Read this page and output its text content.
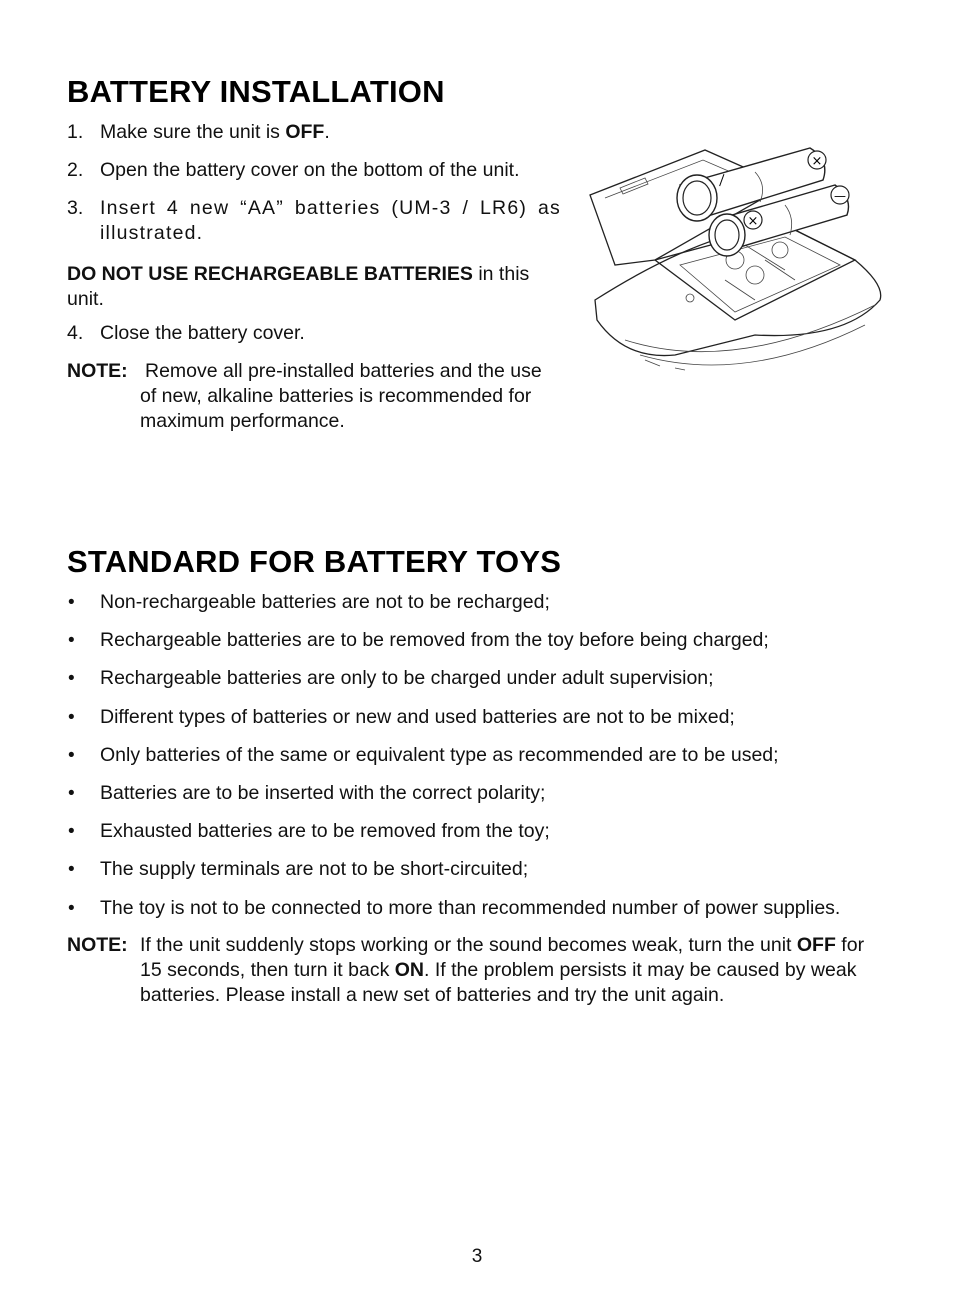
BATTERY INSTALLATION
1. Make sure the unit is OFF.
2. Open the battery cover on the bottom of the unit.
3. Insert 4 new “AA” batteries (UM-3 / LR6) as illustrated.
DO NOT USE RECHARGEABLE BATTERIES in this unit.
4. Close the battery cover.
NOTE: Remove all pre-installed batteries and the use of new, alkaline batteries is recommended for maximum performance.
×
—
×
—
STANDARD FOR BATTERY TOYS
• Non-rechargeable batteries are not to be recharged;
• Rechargeable batteries are to be removed from the toy before being charged;
• Rechargeable batteries are only to be charged under adult supervision;
• Different types of batteries or new and used batteries are not to be mixed;
• Only batteries of the same or equivalent type as recommended are to be used;
• Batteries are to be inserted with the correct polarity;
• Exhausted batteries are to be removed from the toy;
• The supply terminals are not to be short-circuited;
• The toy is not to be connected to more than recommended number of power supplies.
NOTE: If the unit suddenly stops working or the sound becomes weak, turn the unit OFF for 15 seconds, then turn it back ON. If the problem persists it may be caused by weak batteries. Please install a new set of batteries and try the unit again.
3
